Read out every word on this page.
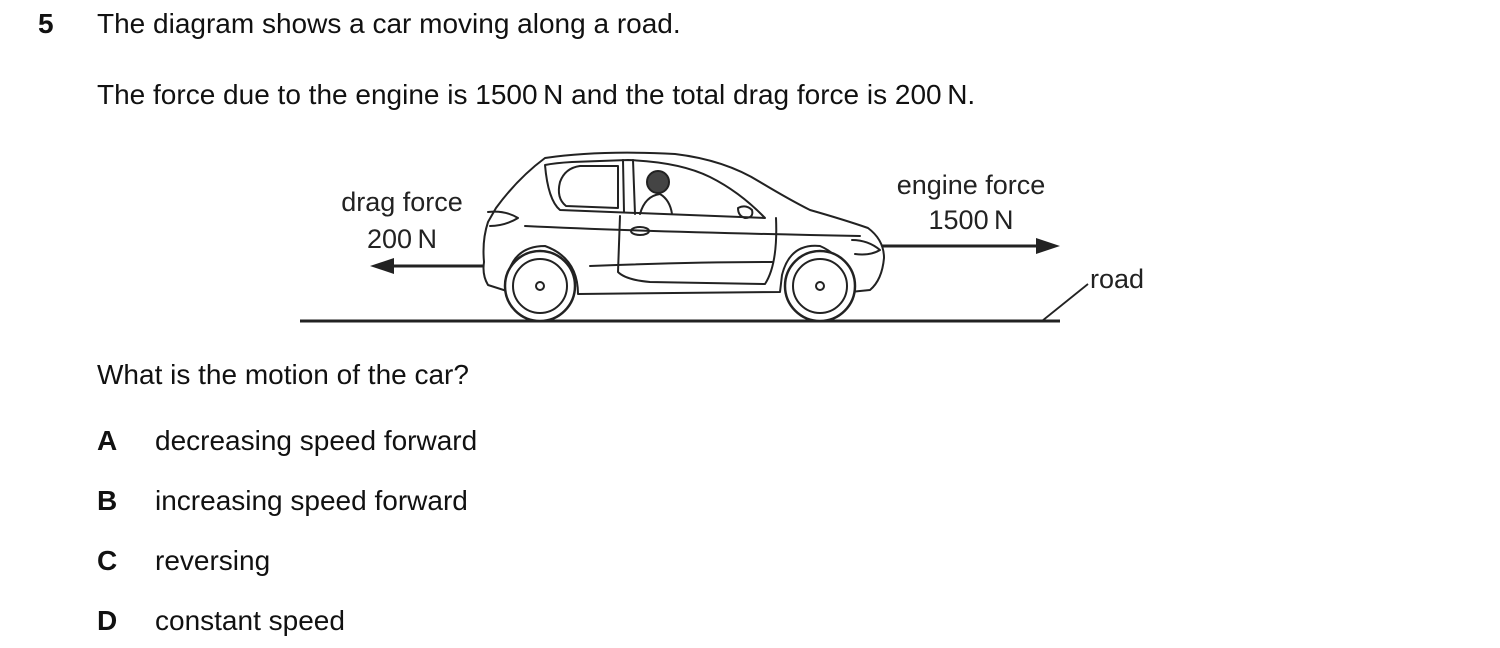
5 The diagram shows a car moving along a road.
The force due to the engine is 1500 N and the total drag force is 200 N.
drag force
200 N
engine force
1500 N
road
What is the motion of the car?
A decreasing speed forward
B increasing speed forward
C reversing
D constant speed
